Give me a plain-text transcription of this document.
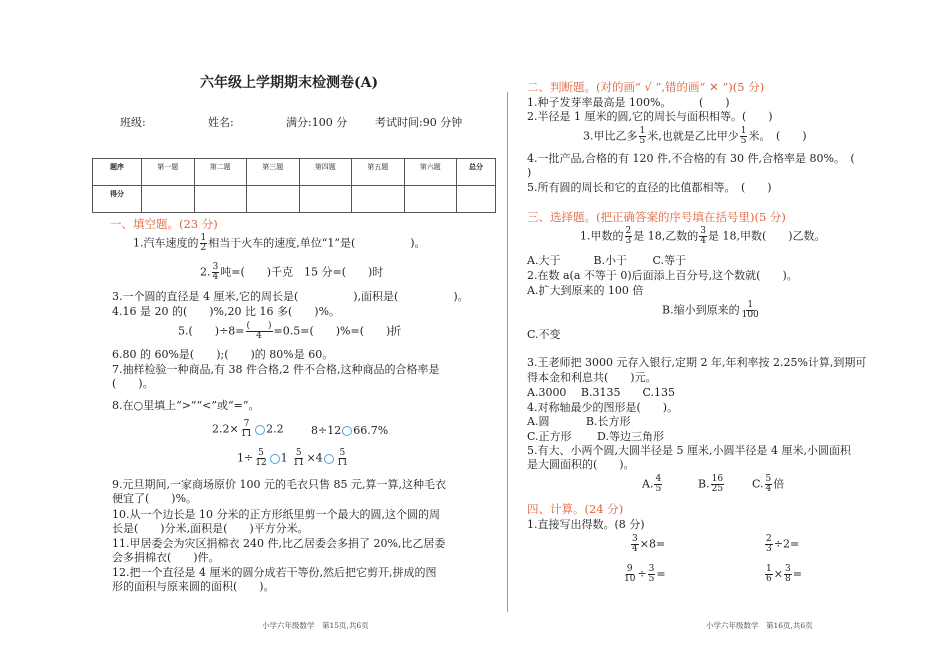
六年级上学期期末检测卷(A)
班级:	姓名:	满分:100 分	考试时间:90 分钟
题序	第一题	第二题	第三题	第四题	第五题	第六题	总分
得分							
一、填空题。(23 分)
1.汽车速度的 $\frac{1}{2}$ 相当于火车的速度,单位“1”是(　　　　　)。
2. $\frac{3}{4}$ 吨=(　　)千克　15 分=(　　)时
3.一个圆的直径是 4 厘米,它的周长是(　　　　　),面积是(　　　　　)。
4.16 是 20 的(　　)%,20 比 16 多(　　)%。
5.(　　)$\div 8= \frac{( )}{4} =0.5=$(　　)%=(　　)折
6.80 的 60%是(　　);(　　)的 80%是 60。
7.抽样检验一种商品,有 38 件合格,2 件不合格,这种商品的合格率是
(　　)。
8.在○里填上“>”“<”或“=”。
$2.2\times \frac{7}{11} 2.2$ 8÷12 66.7%
$1\div \frac{5}{12} 1 \frac{5}{11} \times 4 \frac{5}{11}$
9.元旦期间,一家商场原价 100 元的毛衣只售 85 元,算一算,这种毛衣
便宜了(　　)%。
10.从一个边长是 10 分米的正方形纸里剪一个最大的圆,这个圆的周
长是(　　)分米,面积是(　　)平方分米。
11.甲居委会为灾区捐棉衣 240 件,比乙居委会多捐了 20%,比乙居委
会多捐棉衣(　　)件。
12.把一个直径是 4 厘米的圆分成若干等份,然后把它剪开,拼成的图
形的面积与原来圆的面积(　　)。
小学六年级数学　第15页,共6页
二、判断题。(对的画“ √ ”,错的画“ ✕ ”)(5 分)
1.种子发芽率最高是 100%。　　　(　　)
2.半径是 1 厘米的圆,它的周长与面积相等。(　　)
3.甲比乙多 $\frac{1}{5}$ 米,也就是乙比甲少 $\frac{1}{5}$ 米。　(　　)
4.一批产品,合格的有 120 件,不合格的有 30 件,合格率是 80%。　(
)
5.所有圆的周长和它的直径的比值都相等。　(　　)
三、选择题。(把正确答案的序号填在括号里)(5 分)
1.甲数的 $\frac{2}{3}$ 是 18,乙数的 $\frac{3}{4}$ 是 18,甲数(　　)乙数。
A.大于　　　B.小于　　 C.等于
2.在数 a(a 不等于 0)后面添上百分号,这个数就(　　)。
A.扩大到原来的 100 倍
B.缩小到原来的 $\frac{1}{100}$
C.不变
3.王老师把 3000 元存入银行,定期 2 年,年利率按 2.25%计算,到期可
得本金和利息共(　　)元。
A.3000　 B.3135　　C.135
4.对称轴最少的图形是(　　)。
A.圆　　　 B.长方形
C.正方形　　 D.等边三角形
5.有大、小两个圆,大圆半径是 5 厘米,小圆半径是 4 厘米,小圆面积
是大圆面积的(　　)。
A. $\frac{4}{5}$	B. $\frac{16}{25}$	C. $\frac{5}{4}$ 倍
四、计算。(24 分)
1.直接写出得数。(8 分)
$\frac{3}{4} \times 8=$	$\frac{2}{3} \div 2=$
$\frac{9}{10} \div \frac{3}{5}$ =	$\frac{1}{6} \times \frac{3}{8}$ =
小学六年级数学　第16页,共6页
